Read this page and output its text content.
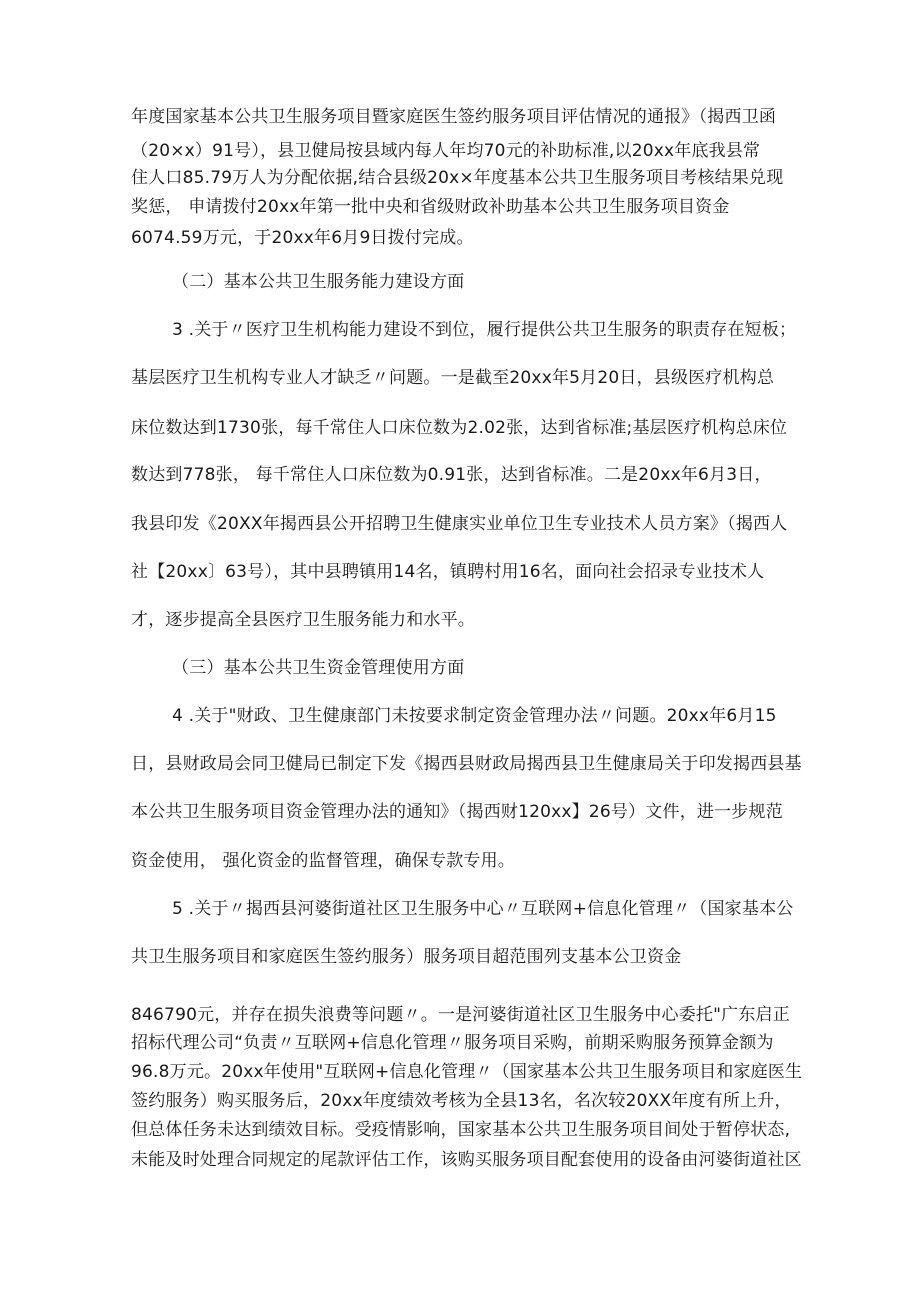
年度国家基本公共卫生服务项目暨家庭医生签约服务项目评估情况的通报》（揭西卫函
（20×x）91号），县卫健局按县域内每人年均70元的补助标准,以20xx年底我县常
住人口85.79万人为分配依据,结合县级20x×年度基本公共卫生服务项目考核结果兑现
奖惩， 申请拨付20xx年第一批中央和省级财政补助基本公共卫生服务项目资金
6074.59万元，于20xx年6月9日拨付完成。
（二）基本公共卫生服务能力建设方面
3 .关于〃医疗卫生机构能力建设不到位，履行提供公共卫生服务的职责存在短板；
基层医疗卫生机构专业人才缺乏〃问题。一是截至20xx年5月20日，县级医疗机构总
床位数达到1730张，每千常住人口床位数为2.02张，达到省标准;基层医疗机构总床位
数达到778张， 每千常住人口床位数为0.91张，达到省标准。二是20xx年6月3日，
我县印发《20XX年揭西县公开招聘卫生健康实业单位卫生专业技术人员方案》（揭西人
社【20xx〕63号），其中县聘镇用14名，镇聘村用16名，面向社会招录专业技术人
才，逐步提高全县医疗卫生服务能力和水平。
（三）基本公共卫生资金管理使用方面
4 .关于"财政、卫生健康部门未按要求制定资金管理办法〃问题。20xx年6月15
日，县财政局会同卫健局已制定下发《揭西县财政局揭西县卫生健康局关于印发揭西县基
本公共卫生服务项目资金管理办法的通知》（揭西财120xx】26号）文件，进一步规范
资金使用， 强化资金的监督管理，确保专款专用。
5 .关于〃揭西县河婆街道社区卫生服务中心〃互联网+信息化管理〃（国家基本公
共卫生服务项目和家庭医生签约服务）服务项目超范围列支基本公卫资金
846790元，并存在损失浪费等问题〃。一是河婆街道社区卫生服务中心委托"广东启正
招标代理公司“负责〃互联网+信息化管理〃服务项目采购，前期采购服务预算金额为
96.8万元。20xx年使用"互联网+信息化管理〃（国家基本公共卫生服务项目和家庭医生
签约服务）购买服务后，20xx年度绩效考核为全县13名，名次较20XX年度有所上升，
但总体任务未达到绩效目标。受疫情影响，国家基本公共卫生服务项目间处于暂停状态,
未能及时处理合同规定的尾款评估工作，该购买服务项目配套使用的设备由河婆街道社区
